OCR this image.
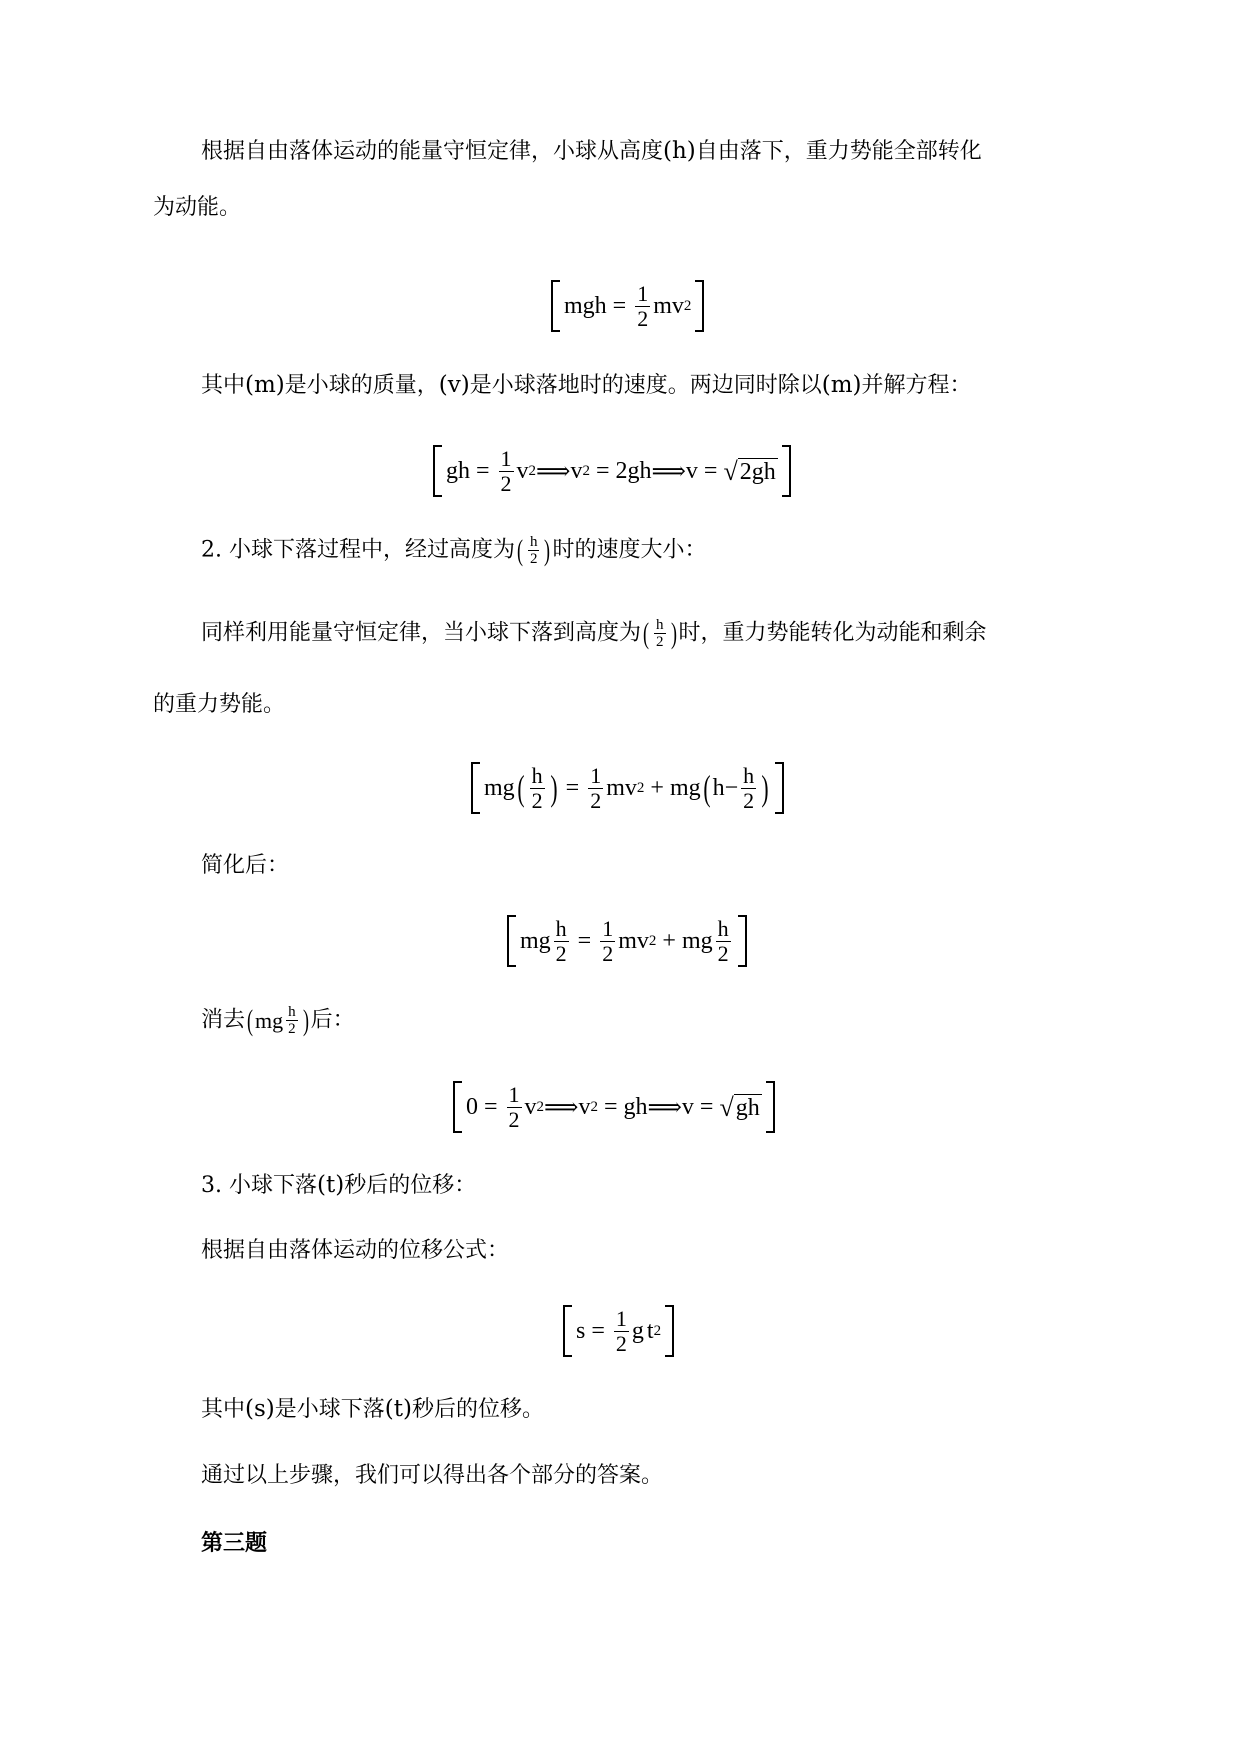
根据自由落体运动的能量守恒定律，小球从高度(h)自由落下，重力势能全部转化
为动能。
mgh = $\frac{1}{2}$ mv 2
其中(m)是小球的质量，(v)是小球落地时的速度。两边同时除以(m)并解方程：
gh = $\frac{1}{2}$ v 2 ⟹ v 2 = 2gh ⟹ v = √ 2gh
2. 小球下落过程中，经过高度为 ( $\frac{h}{2}$ ) 时的速度大小：
同样利用能量守恒定律，当小球下落到高度为 ( $\frac{h}{2}$ ) 时，重力势能转化为动能和剩余
的重力势能。
mg ( $\frac{h}{2}$ ) = $\frac{1}{2}$ mv 2 + mg ( $h- \frac{h}{2}$ )
简化后：
mg $\frac{h}{2} = \frac{1}{2}$ mv 2 + mg $\frac{h}{2}$
消去 ( mg $\frac{h}{2}$ ) 后：
$0 = \frac{1}{2}$ v 2 ⟹ v 2 = gh ⟹ v = √ gh
3. 小球下落(t)秒后的位移：
根据自由落体运动的位移公式：
$s = \frac{1}{2}$ g t 2
其中(s)是小球下落(t)秒后的位移。
通过以上步骤，我们可以得出各个部分的答案。
第三题
